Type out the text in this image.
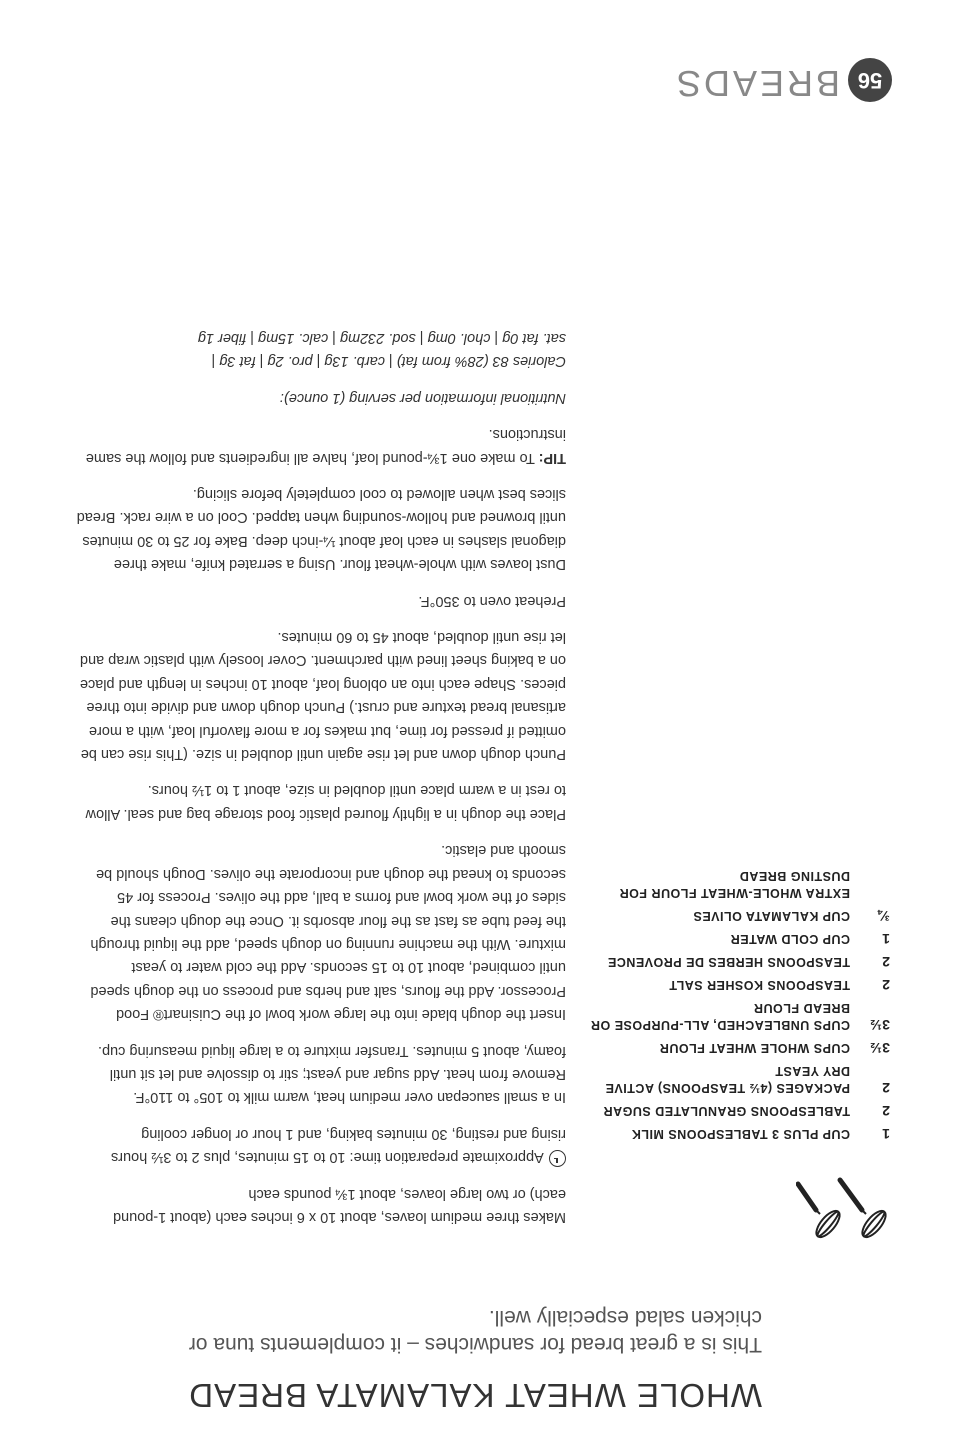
WHOLE WHEAT KALAMATA BREAD
This is a great bread for sandwiches – it complements tuna or chicken salad especially well.
1
CUP PLUS 3 TABLESPOONS MILK
2
TABLESPOONS GRANULATED SUGAR
2
PACKAGES (4½ TEASPOONS) ACTIVE DRY YEAST
3½
CUPS WHOLE WHEAT FLOUR
3½
CUPS UNBLEACHED, ALL-PURPOSE OR BREAD FLOUR
2
TEASPOONS KOSHER SALT
2
TEASPOONS HERBES DE PROVENCE
1
CUP COLD WATER
¾
CUP KALAMATA OLIVES
EXTRA WHOLE-WHEAT FLOUR FOR DUSTING BREAD

Makes three medium loaves, about 10 x 6 inches each (about 1-pound each) or two large loaves, about 1¾ pounds each

Approximate preparation time: 10 to 15 minutes, plus 2 to 3½ hours rising and resting, 30 minutes baking, and 1 hour or longer cooling

In a small saucepan over medium heat, warm milk to 105° to 110°F. Remove from heat. Add sugar and yeast; stir to dissolve and let sit until foamy, about 5 minutes. Transfer mixture to a large liquid measuring cup.

Insert the dough blade into the large work bowl of the Cuisinart® Food Processor. Add the flours, salt and herbs and process on the dough speed until combined, about 10 to 15 seconds. Add the cold water to yeast mixture. With the machine running on dough speed, add the liquid through the feed tube as fast as the flour absorbs it. Once the dough cleans the sides of the work bowl and forms a ball, add the olives. Process for 45 seconds to knead the dough and incorporate the olives. Dough should be smooth and elastic.

Place the dough in a lightly floured plastic food storage bag and seal. Allow to rest in a warm place until doubled in size, about 1 to 1½ hours.

Punch dough down and let rise again until doubled in size. (This rise can be omitted if pressed for time, but makes for a more flavorful loaf, with a more artisanal bread texture and crust.) Punch dough down and divide into three pieces. Shape each into an oblong loaf, about 10 inches in length and place on a baking sheet lined with parchment. Cover loosely with plastic wrap and let rise until doubled, about 45 to 60 minutes.

Preheat oven to 350°F.

Dust loaves with whole-wheat flour. Using a serrated knife, make three diagonal slashes in each loaf about ¼-inch deep. Bake for 25 to 30 minutes until browned and hollow-sounding when tapped. Cool on a wire rack. Bread slices best when allowed to cool completely before slicing.

TIP: To make one 1¾-pound loaf, halve all ingredients and follow the same instructions.

Nutritional information per serving (1 ounce):

Calories 83 (28% from fat) | carb. 13g | pro. 2g | fat 3g |

sat. fat 0g | chol. 0mg | sod. 232mg | calc. 15mg | fiber 1g

56
BREADS
